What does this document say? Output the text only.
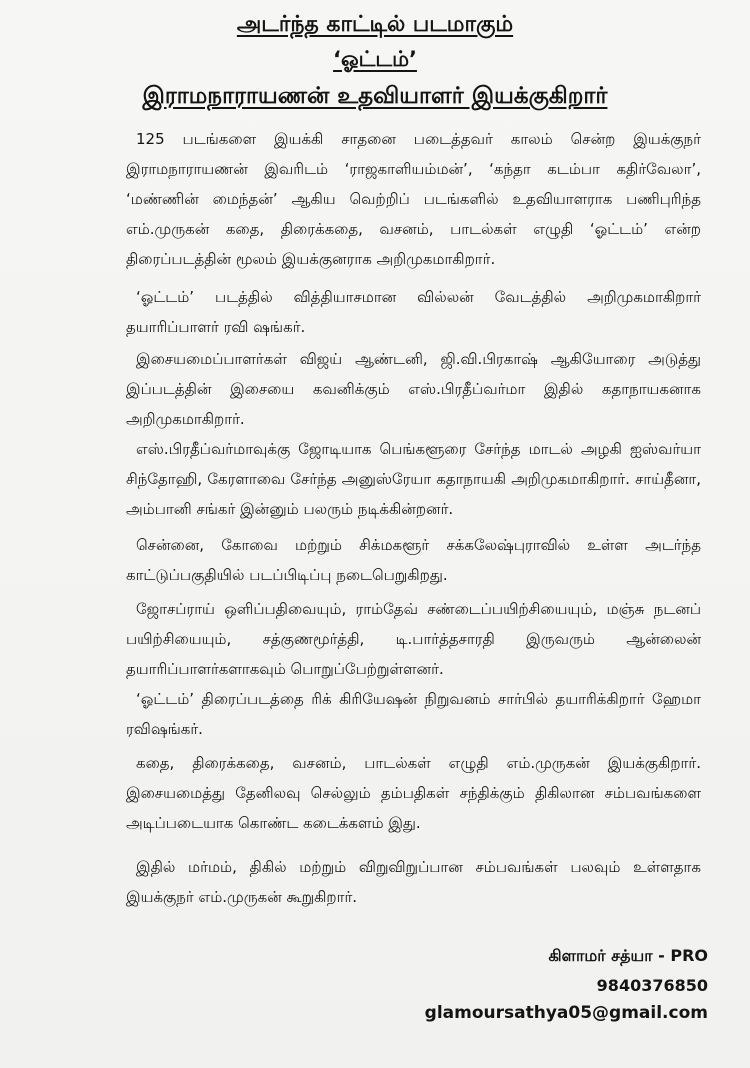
அடர்ந்த காட்டில் படமாகும்
‘ஓட்டம்’
இராமநாராயணன் உதவியாளர் இயக்குகிறார்
125 படங்களை இயக்கி சாதனை படைத்தவர் காலம் சென்ற இயக்குநர் இராமநாராயணன் இவரிடம் ‘ராஜகாளியம்மன்’, ‘கந்தா கடம்பா கதிர்வேலா’, ‘மண்ணின் மைந்தன்’ ஆகிய வெற்றிப் படங்களில் உதவியாளராக பணிபுரிந்த எம்.முருகன் கதை, திரைக்கதை, வசனம், பாடல்கள் எழுதி ‘ஓட்டம்’ என்ற திரைப்படத்தின் மூலம் இயக்குனராக அறிமுகமாகிறார்.
‘ஓட்டம்’ படத்தில் வித்தியாசமான வில்லன் வேடத்தில் அறிமுகமாகிறார் தயாரிப்பாளர் ரவி ஷங்கர்.
இசையமைப்பாளர்கள் விஜய் ஆண்டனி, ஜி.வி.பிரகாஷ் ஆகியோரை அடுத்து இப்படத்தின் இசையை கவனிக்கும் எஸ்.பிரதீப்வர்மா இதில் கதாநாயகனாக அறிமுகமாகிறார்.
எஸ்.பிரதீப்வர்மாவுக்கு ஜோடியாக பெங்களூரை சேர்ந்த மாடல் அழகி ஐஸ்வர்யா சிந்தோஹி, கேரளாவை சேர்ந்த அனுஸ்ரேயா கதாநாயகி அறிமுகமாகிறார். சாய்தீனா, அம்பானி சங்கர் இன்னும் பலரும் நடிக்கின்றனர்.
சென்னை, கோவை மற்றும் சிக்மகளூர் சக்கலேஷ்புராவில் உள்ள அடர்ந்த காட்டுப்பகுதியில் படப்பிடிப்பு நடைபெறுகிறது.
ஜோசப்ராய் ஒளிப்பதிவையும், ராம்தேவ் சண்டைப்பயிற்சியையும், மஞ்சு நடனப் பயிற்சியையும், சத்குணமூர்த்தி, டி.பார்த்தசாரதி இருவரும் ஆன்லைன் தயாரிப்பாளர்களாகவும் பொறுப்பேற்றுள்ளனர்.
‘ஓட்டம்’ திரைப்படத்தை ரிக் கிரியேஷன் நிறுவனம் சார்பில் தயாரிக்கிறார் ஹேமா ரவிஷங்கர்.
கதை, திரைக்கதை, வசனம், பாடல்கள் எழுதி எம்.முருகன் இயக்குகிறார். இசையமைத்து தேனிலவு செல்லும் தம்பதிகள் சந்திக்கும் திகிலான சம்பவங்களை அடிப்படையாக கொண்ட கடைக்களம் இது.
இதில் மர்மம், திகில் மற்றும் விறுவிறுப்பான சம்பவங்கள் பலவும் உள்ளதாக இயக்குநர் எம்.முருகன் கூறுகிறார்.
கிளாமர் சத்யா - PRO
9840376850
glamoursathya05@gmail.com
